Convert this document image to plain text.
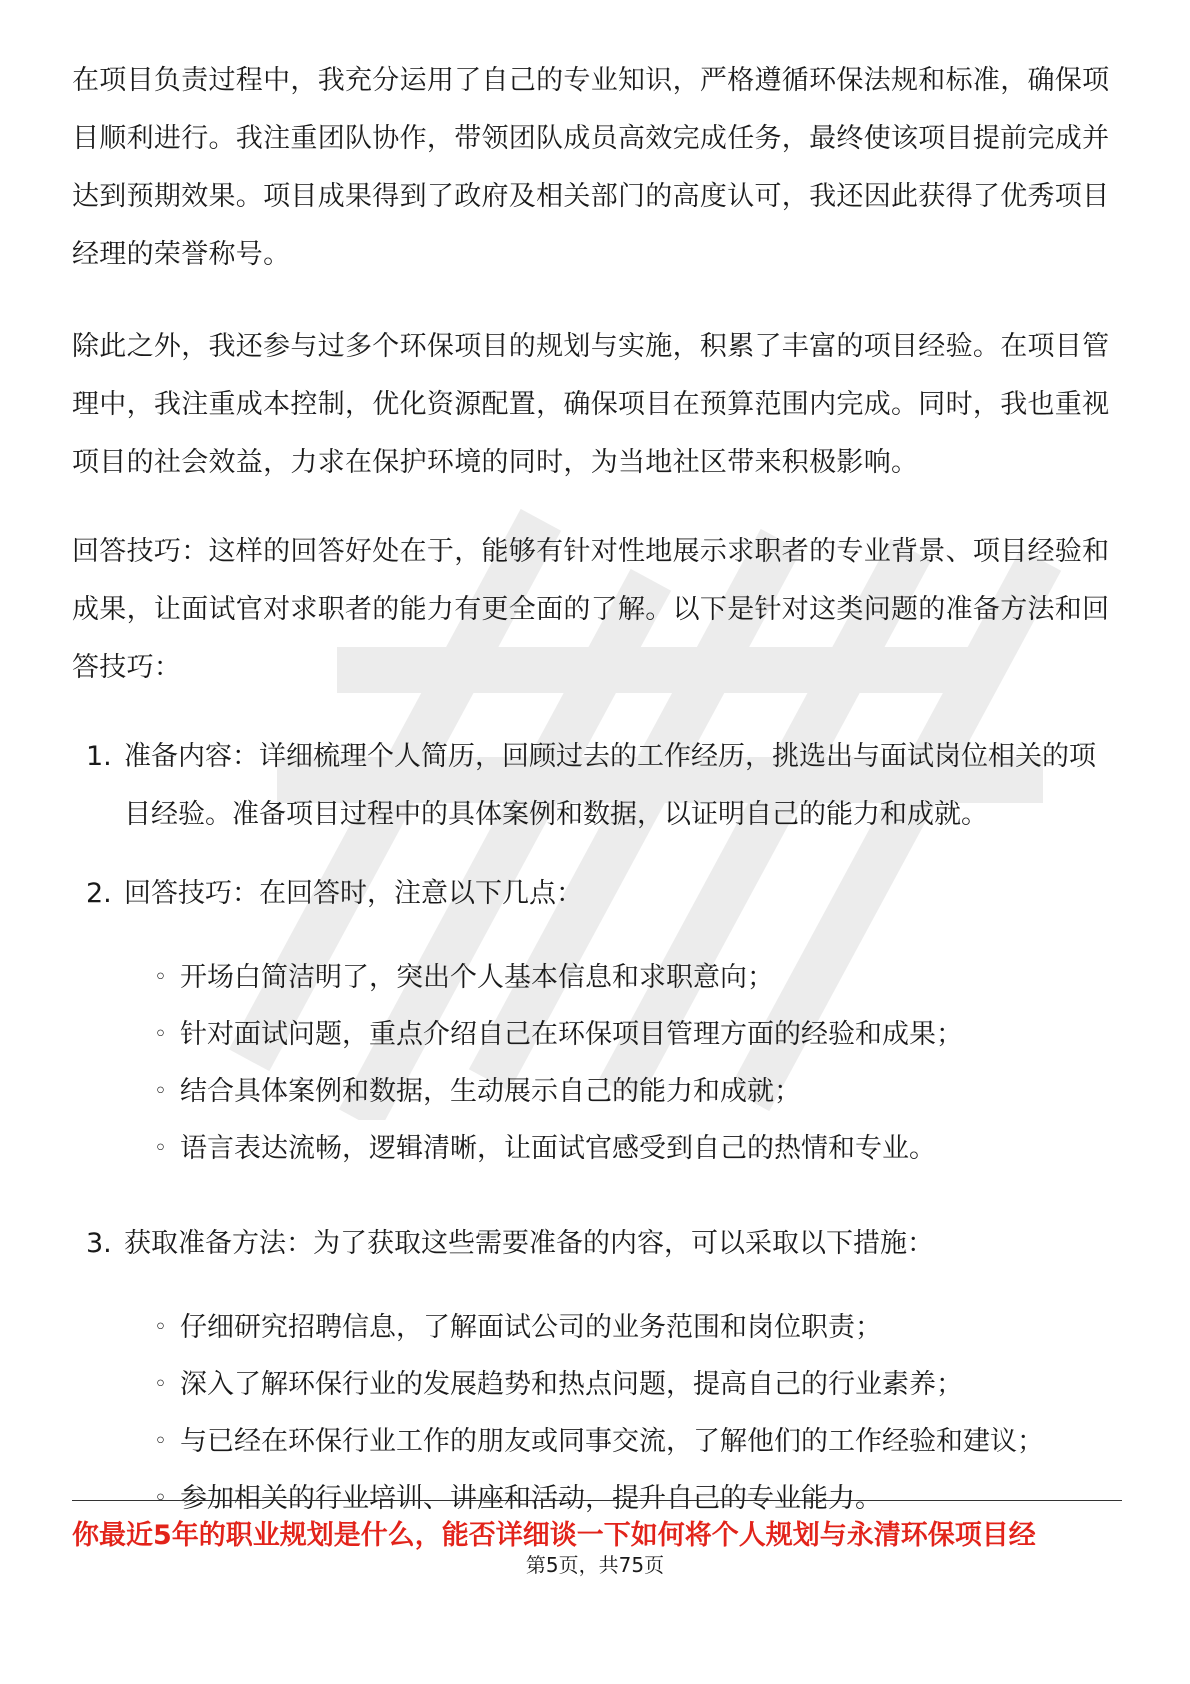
在项目负责过程中，我充分运用了自己的专业知识，严格遵循环保法规和标准，确保项目顺利进行。我注重团队协作，带领团队成员高效完成任务，最终使该项目提前完成并达到预期效果。项目成果得到了政府及相关部门的高度认可，我还因此获得了优秀项目经理的荣誉称号。

除此之外，我还参与过多个环保项目的规划与实施，积累了丰富的项目经验。在项目管理中，我注重成本控制，优化资源配置，确保项目在预算范围内完成。同时，我也重视项目的社会效益，力求在保护环境的同时，为当地社区带来积极影响。

回答技巧：这样的回答好处在于，能够有针对性地展示求职者的专业背景、项目经验和成果，让面试官对求职者的能力有更全面的了解。以下是针对这类问题的准备方法和回答技巧：

1. 准备内容：详细梳理个人简历，回顾过去的工作经历，挑选出与面试岗位相关的项目经验。准备项目过程中的具体案例和数据，以证明自己的能力和成就。
2. 回答技巧：在回答时，注意以下几点：
◦ 开场白简洁明了，突出个人基本信息和求职意向；
◦ 针对面试问题，重点介绍自己在环保项目管理方面的经验和成果；
◦ 结合具体案例和数据，生动展示自己的能力和成就；
◦ 语言表达流畅，逻辑清晰，让面试官感受到自己的热情和专业。
3. 获取准备方法：为了获取这些需要准备的内容，可以采取以下措施：
◦ 仔细研究招聘信息，了解面试公司的业务范围和岗位职责；
◦ 深入了解环保行业的发展趋势和热点问题，提高自己的行业素养；
◦ 与已经在环保行业工作的朋友或同事交流，了解他们的工作经验和建议；
◦ 参加相关的行业培训、讲座和活动，提升自己的专业能力。
你最近5年的职业规划是什么，能否详细谈一下如何将个人规划与永清环保项目经
第5页，共75页
